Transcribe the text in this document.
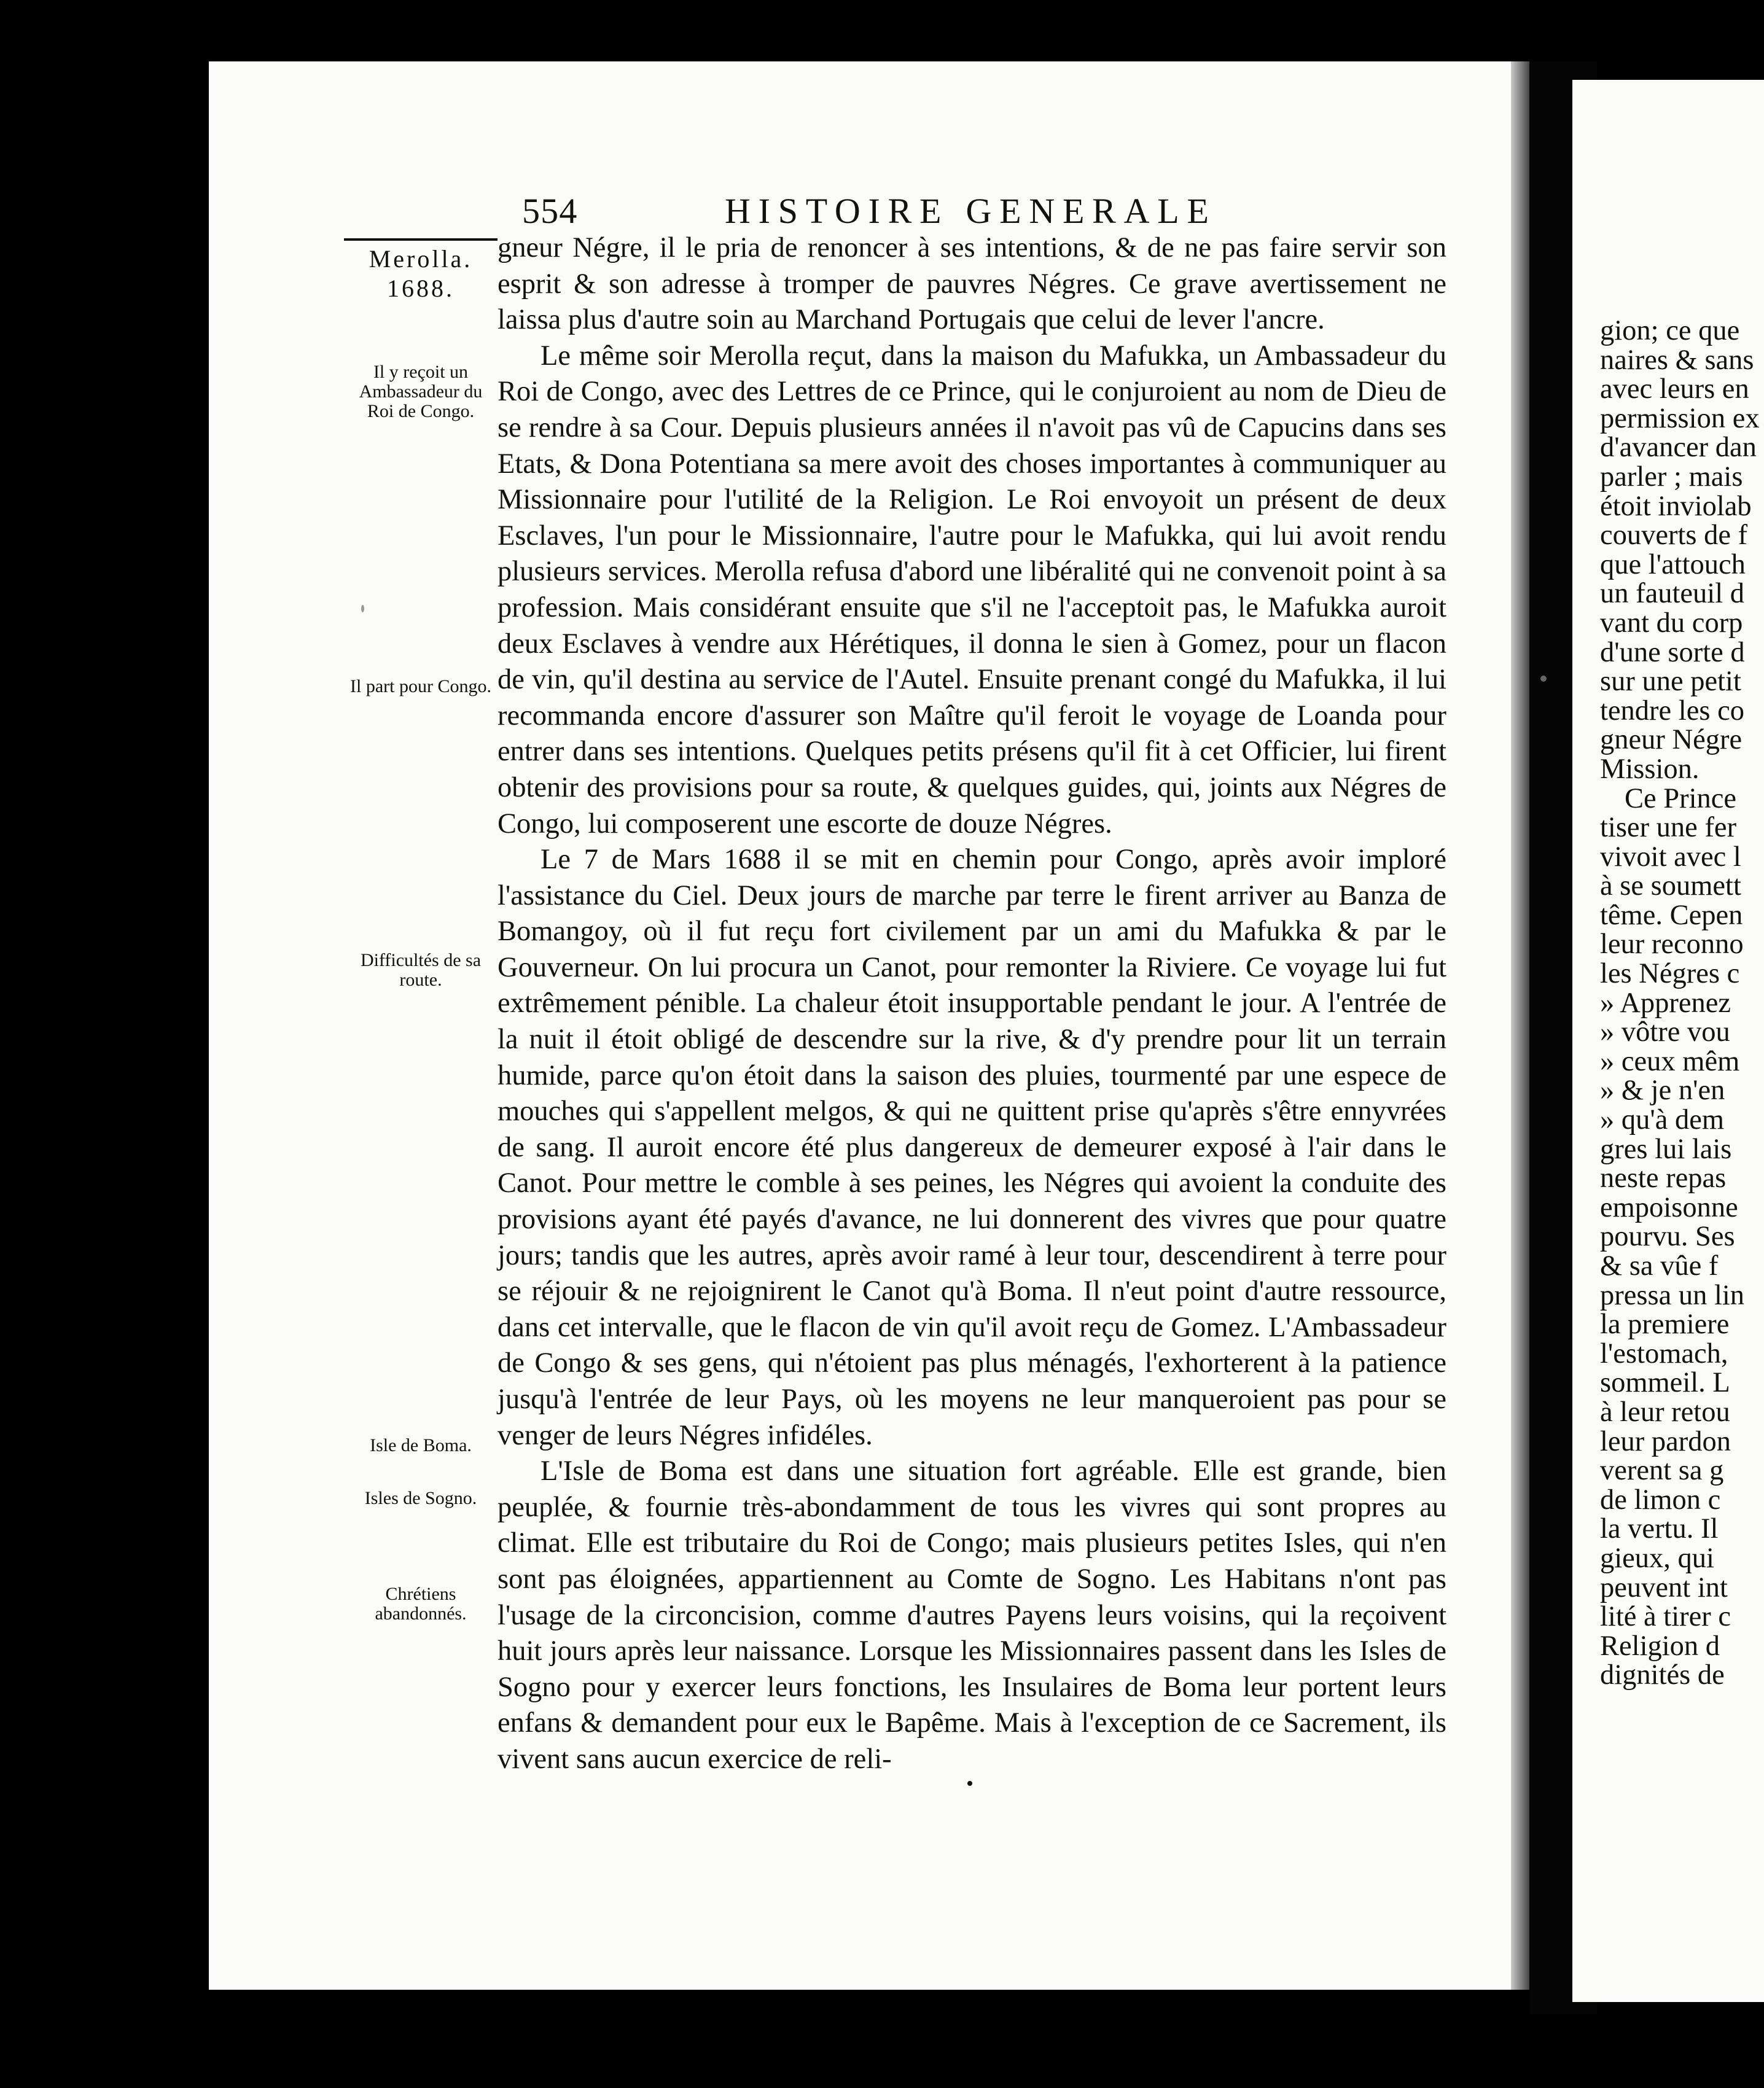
554	HISTOIRE GENERALE
Merolla. 1688.
Il y reçoit un Ambassadeur du Roi de Congo.
Il part pour Congo.
Difficultés de sa route.
Isle de Boma.
Isles de Sogno.
Chrétiens abandonnés.

gneur Négre, il le pria de renoncer à ses intentions, & de ne pas faire servir son esprit & son adresse à tromper de pauvres Négres. Ce grave avertissement ne laissa plus d'autre soin au Marchand Portugais que celui de lever l'ancre.

Le même soir Merolla reçut, dans la maison du Mafukka, un Ambassadeur du Roi de Congo, avec des Lettres de ce Prince, qui le conjuroient au nom de Dieu de se rendre à sa Cour. Depuis plusieurs années il n'avoit pas vû de Capucins dans ses Etats, & Dona Potentiana sa mere avoit des choses importantes à communiquer au Missionnaire pour l'utilité de la Religion. Le Roi envoyoit un présent de deux Esclaves, l'un pour le Missionnaire, l'autre pour le Mafukka, qui lui avoit rendu plusieurs services. Merolla refusa d'abord une libéralité qui ne convenoit point à sa profession. Mais considérant ensuite que s'il ne l'acceptoit pas, le Mafukka auroit deux Esclaves à vendre aux Hérétiques, il donna le sien à Gomez, pour un flacon de vin, qu'il destina au service de l'Autel. Ensuite prenant congé du Mafukka, il lui recommanda encore d'assurer son Maître qu'il feroit le voyage de Loanda pour entrer dans ses intentions. Quelques petits présens qu'il fit à cet Officier, lui firent obtenir des provisions pour sa route, & quelques guides, qui, joints aux Négres de Congo, lui composerent une escorte de douze Négres.

Le 7 de Mars 1688 il se mit en chemin pour Congo, après avoir imploré l'assistance du Ciel. Deux jours de marche par terre le firent arriver au Banza de Bomangoy, où il fut reçu fort civilement par un ami du Mafukka & par le Gouverneur. On lui procura un Canot, pour remonter la Riviere. Ce voyage lui fut extrêmement pénible. La chaleur étoit insupportable pendant le jour. A l'entrée de la nuit il étoit obligé de descendre sur la rive, & d'y prendre pour lit un terrain humide, parce qu'on étoit dans la saison des pluies, tourmenté par une espece de mouches qui s'appellent melgos, & qui ne quittent prise qu'après s'être ennyvrées de sang. Il auroit encore été plus dangereux de demeurer exposé à l'air dans le Canot. Pour mettre le comble à ses peines, les Négres qui avoient la conduite des provisions ayant été payés d'avance, ne lui donnerent des vivres que pour quatre jours; tandis que les autres, après avoir ramé à leur tour, descendirent à terre pour se réjouir & ne rejoignirent le Canot qu'à Boma. Il n'eut point d'autre ressource, dans cet intervalle, que le flacon de vin qu'il avoit reçu de Gomez. L'Ambassadeur de Congo & ses gens, qui n'étoient pas plus ménagés, l'exhorterent à la patience jusqu'à l'entrée de leur Pays, où les moyens ne leur manqueroient pas pour se venger de leurs Négres infidéles.

L'Isle de Boma est dans une situation fort agréable. Elle est grande, bien peuplée, & fournie très-abondamment de tous les vivres qui sont propres au climat. Elle est tributaire du Roi de Congo; mais plusieurs petites Isles, qui n'en sont pas éloignées, appartiennent au Comte de Sogno. Les Habitans n'ont pas l'usage de la circoncision, comme d'autres Payens leurs voisins, qui la reçoivent huit jours après leur naissance. Lorsque les Missionnaires passent dans les Isles de Sogno pour y exercer leurs fonctions, les Insulaires de Boma leur portent leurs enfans & demandent pour eux le Bapême. Mais à l'exception de ce Sacrement, ils vivent sans aucun exercice de reli-

gion; ce que
naires & sans
avec leurs en
permission ex
d'avancer dan
parler ; mais
étoit inviolab
couverts de f
que l'attouch
un fauteuil d
vant du corp
d'une sorte d
sur une petit
tendre les co
gneur Négre
Mission.
Ce Prince
tiser une fer
vivoit avec l
à se soumett
tême. Cepen
leur reconno
les Négres c
» Apprenez
» vôtre vou
» ceux mêm
» & je n'en
» qu'à dem
gres lui lais
neste repas
empoisonne
pourvu. Ses
& sa vûe f
pressa un lin
la premiere
l'estomach,
sommeil. L
à leur retou
leur pardon
verent sa g
de limon c
la vertu. Il
gieux, qui
peuvent int
lité à tirer c
Religion d
dignités de
